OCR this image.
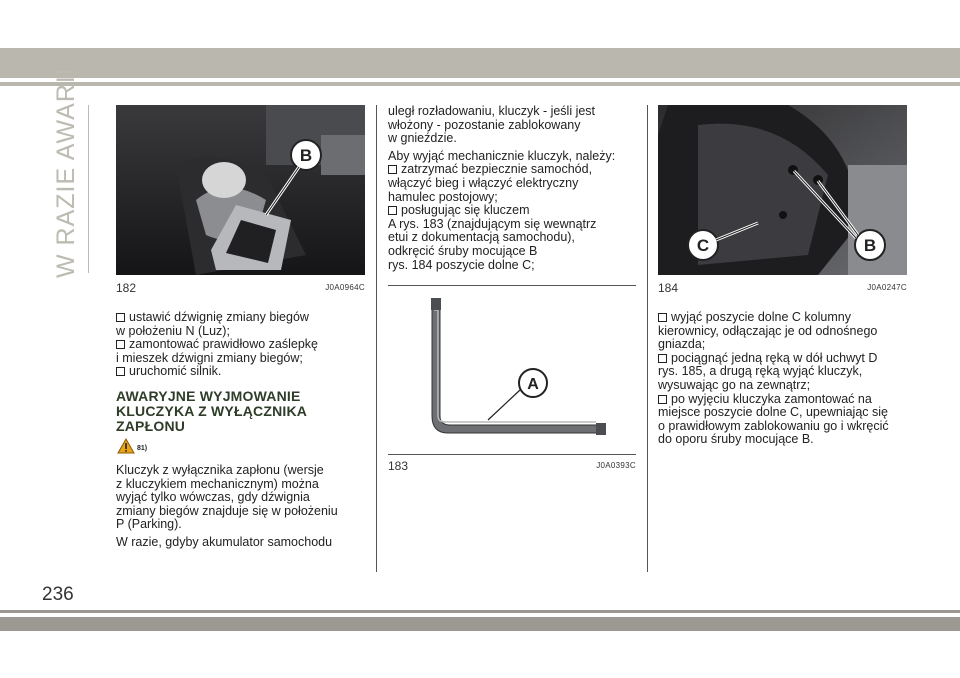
W RAZIE AWARII
236
B
182	J0A0964C
A
183	J0A0393C
C	B
184	J0A0247C
ustawić dźwignię zmiany biegów
w położeniu N (Luz);
zamontować prawidłowo zaślepkę
i mieszek dźwigni zmiany biegów;
uruchomić silnik.
AWARYJNE WYJMOWANIE
KLUCZYKA Z WYŁĄCZNIKA
ZAPŁONU
81)

Kluczyk z wyłącznika zapłonu (wersje
z kluczykiem mechanicznym) można
wyjąć tylko wówczas, gdy dźwignia
zmiany biegów znajduje się w położeniu
P (Parking).

W razie, gdyby akumulator samochodu

uległ rozładowaniu, kluczyk - jeśli jest
włożony - pozostanie zablokowany
w gnieździe.

Aby wyjąć mechanicznie kluczyk, należy:

zatrzymać bezpiecznie samochód,
włączyć bieg i włączyć elektryczny
hamulec postojowy;
posługując się kluczem
A rys. 183 (znajdującym się wewnątrz
etui z dokumentacją samochodu),
odkręcić śruby mocujące B
rys. 184 poszycie dolne C;
wyjąć poszycie dolne C kolumny
kierownicy, odłączając je od odnośnego
gniazda;
pociągnąć jedną ręką w dół uchwyt D
rys. 185, a drugą ręką wyjąć kluczyk,
wysuwając go na zewnątrz;
po wyjęciu kluczyka zamontować na
miejsce poszycie dolne C, upewniając się
o prawidłowym zablokowaniu go i wkręcić
do oporu śruby mocujące B.
